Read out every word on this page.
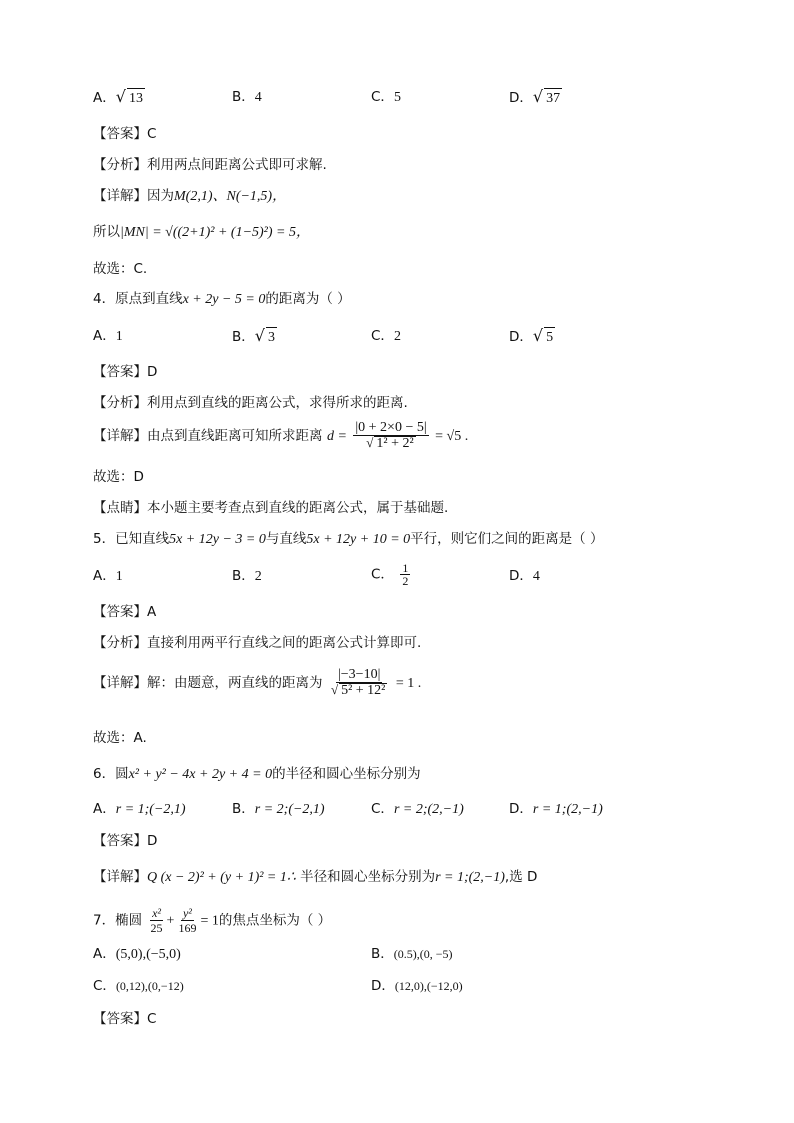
A．√ 13	B．4	C．5	D．√ 37
【答案】C
【分析】利用两点间距离公式即可求解.
【详解】因为M(2,1)、N(−1,5)，
所以|MN| = √((2+1)² + (1−5)²) = 5，
故选：C.
4．原点到直线x + 2y − 5 = 0的距离为（ ）
A．1	B．√ 3	C．2	D．√ 5
【答案】D
【分析】利用点到直线的距离公式，求得所求的距离.
【详解】由点到直线距离可知所求距离 $d = \frac{|0 + 2\times 0 - 5|}{\text{√ 1² + 2²}} = √5$ .
故选：D
【点睛】本小题主要考查点到直线的距离公式，属于基础题.
5．已知直线5x + 12y − 3 = 0与直线5x + 12y + 10 = 0平行，则它们之间的距离是（ ）
A．1	B．2	C． $\frac{1}{2}$	D．4
【答案】A
【分析】直接利用两平行直线之间的距离公式计算即可.
【详解】解：由题意，两直线的距离为 $\frac{|-3-10|}{\text{√ 5² + 12²}} = 1$ .
故选：A.
6．圆x² + y² − 4x + 2y + 4 = 0的半径和圆心坐标分别为
A．r = 1;(−2,1)	B．r = 2;(−2,1)	C．r = 2;(2,−1)	D．r = 1;(2,−1)
【答案】D
【详解】Q (x − 2)² + (y + 1)² = 1∴ 半径和圆心坐标分别为r = 1;(2,−1),选 D
7．椭圆 $\frac{\text{x²}}{25} + \frac{\text{y²}}{169} = 1$的焦点坐标为（ ）
A．(5,0),(−5,0)	B．(0.5),(0, −5)
C．(0,12),(0,−12)	D．(12,0),(−12,0)
【答案】C
